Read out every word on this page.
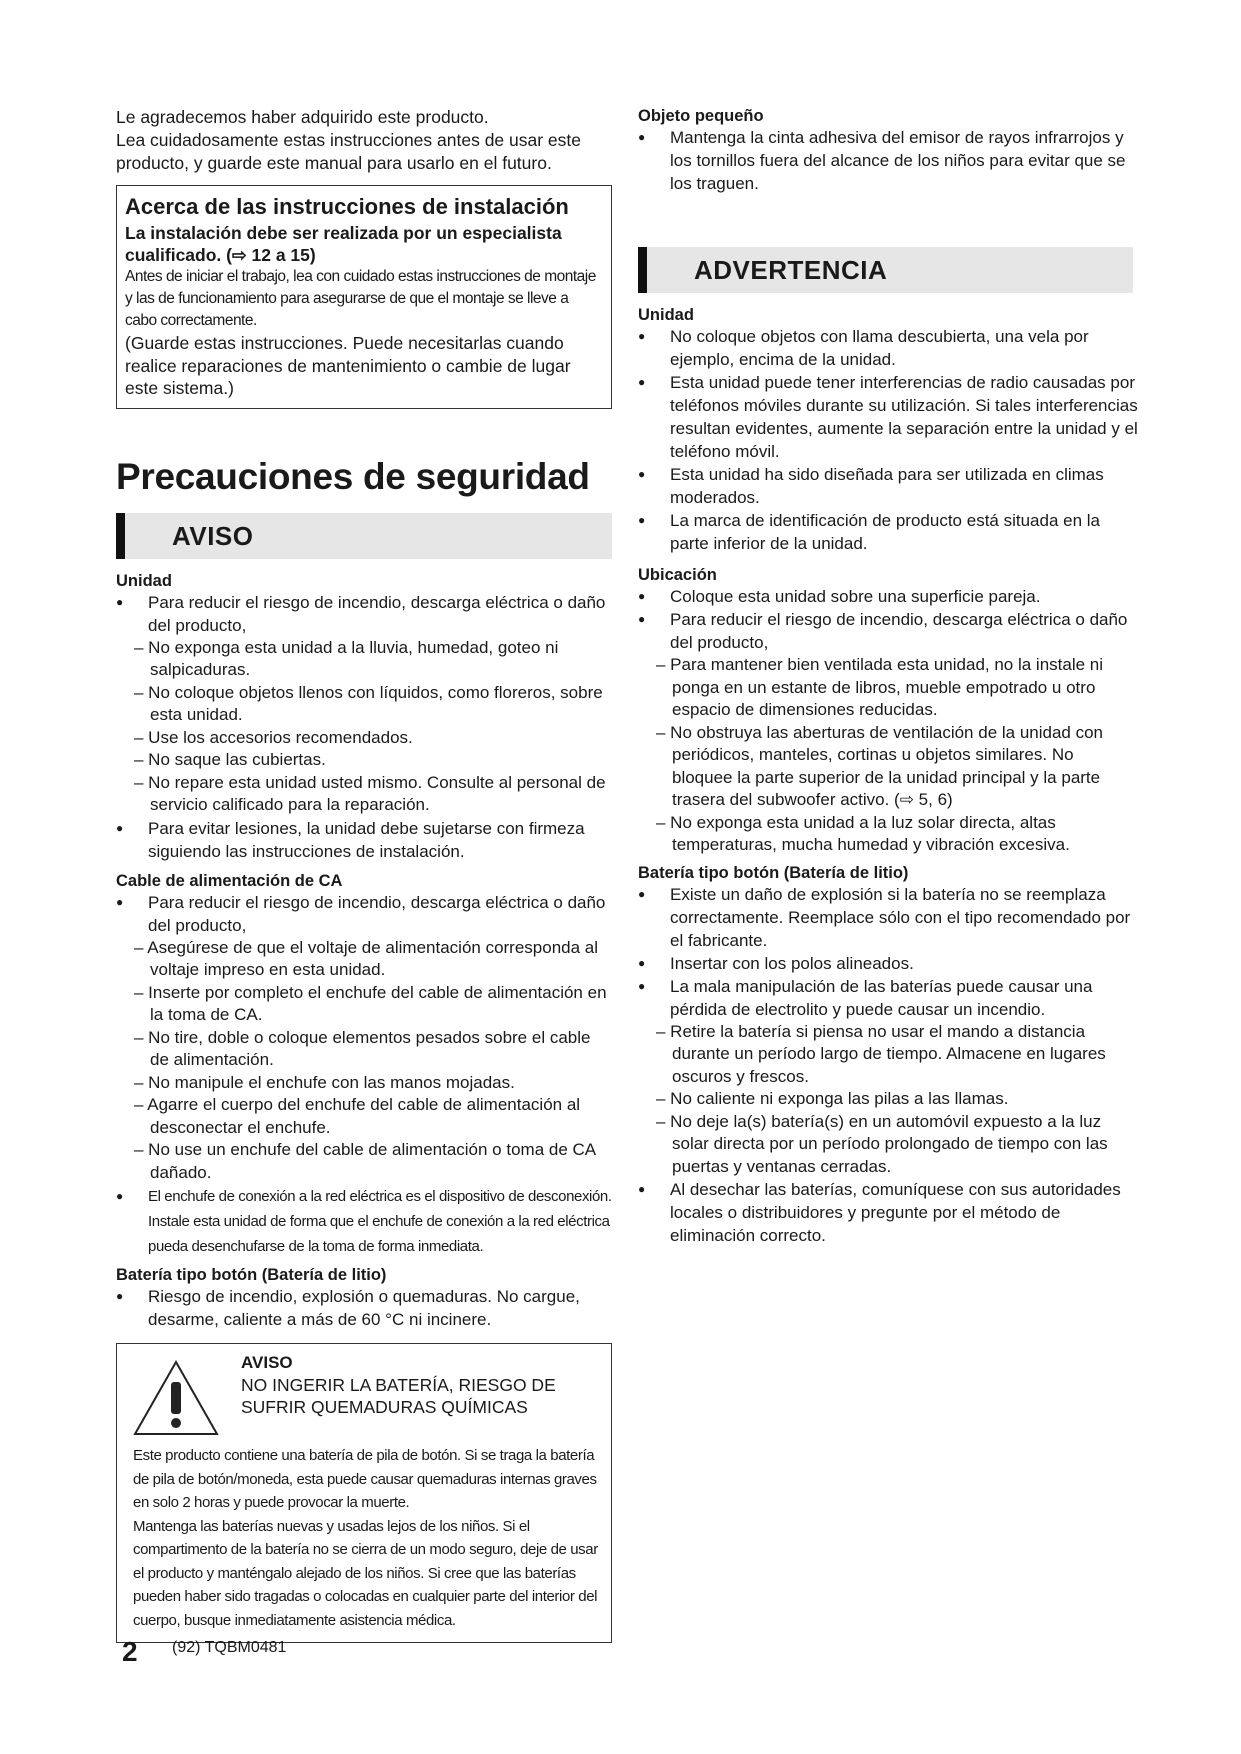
Le agradecemos haber adquirido este producto.

Lea cuidadosamente estas instrucciones antes de usar este producto, y guarde este manual para usarlo en el futuro.

Acerca de las instrucciones de instalación

La instalación debe ser realizada por un especialista cualificado. (⇨ 12 a 15)

Antes de iniciar el trabajo, lea con cuidado estas instrucciones de montaje y las de funcionamiento para asegurarse de que el montaje se lleve a cabo correctamente.

(Guarde estas instrucciones. Puede necesitarlas cuando realice reparaciones de mantenimiento o cambie de lugar este sistema.)

Precauciones de seguridad
AVISO

Unidad

● Para reducir el riesgo de incendio, descarga eléctrica o daño del producto,

– No exponga esta unidad a la lluvia, humedad, goteo ni salpicaduras.

– No coloque objetos llenos con líquidos, como floreros, sobre esta unidad.

– Use los accesorios recomendados.

– No saque las cubiertas.

– No repare esta unidad usted mismo. Consulte al personal de servicio calificado para la reparación.

● Para evitar lesiones, la unidad debe sujetarse con firmeza siguiendo las instrucciones de instalación.

Cable de alimentación de CA

● Para reducir el riesgo de incendio, descarga eléctrica o daño del producto,

– Asegúrese de que el voltaje de alimentación corresponda al voltaje impreso en esta unidad.

– Inserte por completo el enchufe del cable de alimentación en la toma de CA.

– No tire, doble o coloque elementos pesados sobre el cable de alimentación.

– No manipule el enchufe con las manos mojadas.

– Agarre el cuerpo del enchufe del cable de alimentación al desconectar el enchufe.

– No use un enchufe del cable de alimentación o toma de CA dañado.

● El enchufe de conexión a la red eléctrica es el dispositivo de desconexión. Instale esta unidad de forma que el enchufe de conexión a la red eléctrica pueda desenchufarse de la toma de forma inmediata.

Batería tipo botón (Batería de litio)

● Riesgo de incendio, explosión o quemaduras. No cargue, desarme, caliente a más de 60 °C ni incinere.

AVISO

NO INGERIR LA BATERÍA, RIESGO DE SUFRIR QUEMADURAS QUÍMICAS

Este producto contiene una batería de pila de botón. Si se traga la batería de pila de botón/moneda, esta puede causar quemaduras internas graves en solo 2 horas y puede provocar la muerte.

Mantenga las baterías nuevas y usadas lejos de los niños. Si el compartimento de la batería no se cierra de un modo seguro, deje de usar el producto y manténgalo alejado de los niños. Si cree que las baterías pueden haber sido tragadas o colocadas en cualquier parte del interior del cuerpo, busque inmediatamente asistencia médica.

Objeto pequeño

● Mantenga la cinta adhesiva del emisor de rayos infrarrojos y los tornillos fuera del alcance de los niños para evitar que se los traguen.

ADVERTENCIA

Unidad

● No coloque objetos con llama descubierta, una vela por ejemplo, encima de la unidad.

● Esta unidad puede tener interferencias de radio causadas por teléfonos móviles durante su utilización. Si tales interferencias resultan evidentes, aumente la separación entre la unidad y el teléfono móvil.

● Esta unidad ha sido diseñada para ser utilizada en climas moderados.

● La marca de identificación de producto está situada en la parte inferior de la unidad.

Ubicación

● Coloque esta unidad sobre una superficie pareja.

● Para reducir el riesgo de incendio, descarga eléctrica o daño del producto,

– Para mantener bien ventilada esta unidad, no la instale ni ponga en un estante de libros, mueble empotrado u otro espacio de dimensiones reducidas.

– No obstruya las aberturas de ventilación de la unidad con periódicos, manteles, cortinas u objetos similares. No bloquee la parte superior de la unidad principal y la parte trasera del subwoofer activo. (⇨ 5, 6)

– No exponga esta unidad a la luz solar directa, altas temperaturas, mucha humedad y vibración excesiva.

Batería tipo botón (Batería de litio)

● Existe un daño de explosión si la batería no se reemplaza correctamente. Reemplace sólo con el tipo recomendado por el fabricante.

● Insertar con los polos alineados.

● La mala manipulación de las baterías puede causar una pérdida de electrolito y puede causar un incendio.

– Retire la batería si piensa no usar el mando a distancia durante un período largo de tiempo. Almacene en lugares oscuros y frescos.

– No caliente ni exponga las pilas a las llamas.

– No deje la(s) batería(s) en un automóvil expuesto a la luz solar directa por un período prolongado de tiempo con las puertas y ventanas cerradas.

● Al desechar las baterías, comuníquese con sus autoridades locales o distribuidores y pregunte por el método de eliminación correcto.

2 (92) TQBM0481
